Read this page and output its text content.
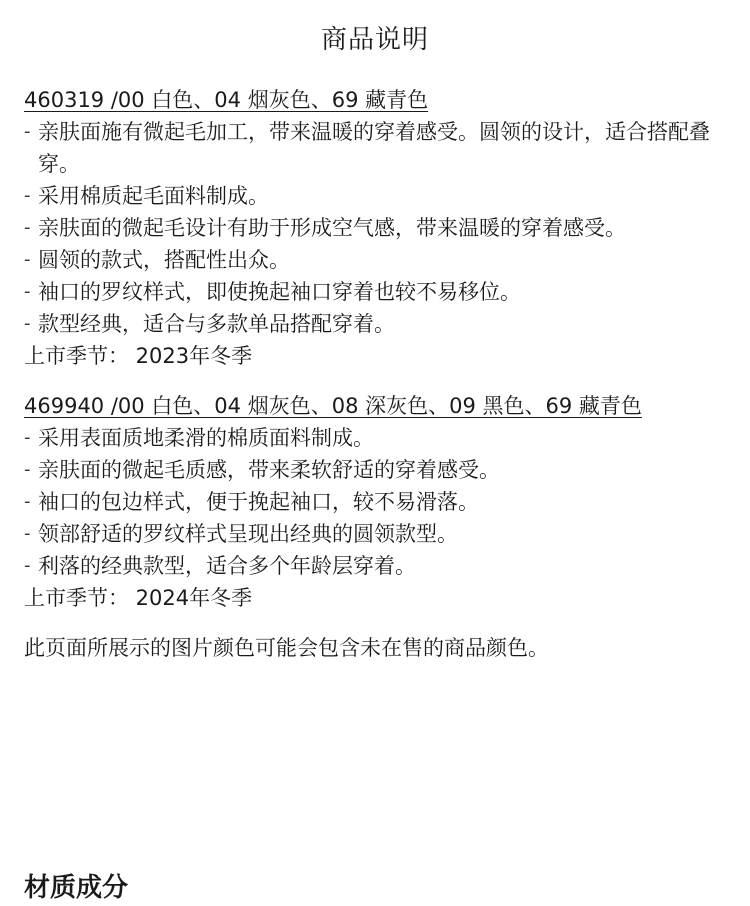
商品说明

460319 /00 白色、04 烟灰色、69 藏青色

- 亲肤面施有微起毛加工，带来温暖的穿着感受。圆领的设计，适合搭配叠穿。

- 采用棉质起毛面料制成。

- 亲肤面的微起毛设计有助于形成空气感，带来温暖的穿着感受。

- 圆领的款式，搭配性出众。

- 袖口的罗纹样式，即使挽起袖口穿着也较不易移位。

- 款型经典，适合与多款单品搭配穿着。

上市季节： 2023年冬季

469940 /00 白色、04 烟灰色、08 深灰色、09 黑色、69 藏青色

- 采用表面质地柔滑的棉质面料制成。

- 亲肤面的微起毛质感，带来柔软舒适的穿着感受。

- 袖口的包边样式，便于挽起袖口，较不易滑落。

- 领部舒适的罗纹样式呈现出经典的圆领款型。

- 利落的经典款型，适合多个年龄层穿着。

上市季节： 2024年冬季

此页面所展示的图片颜色可能会包含未在售的商品颜色。

材质成分
